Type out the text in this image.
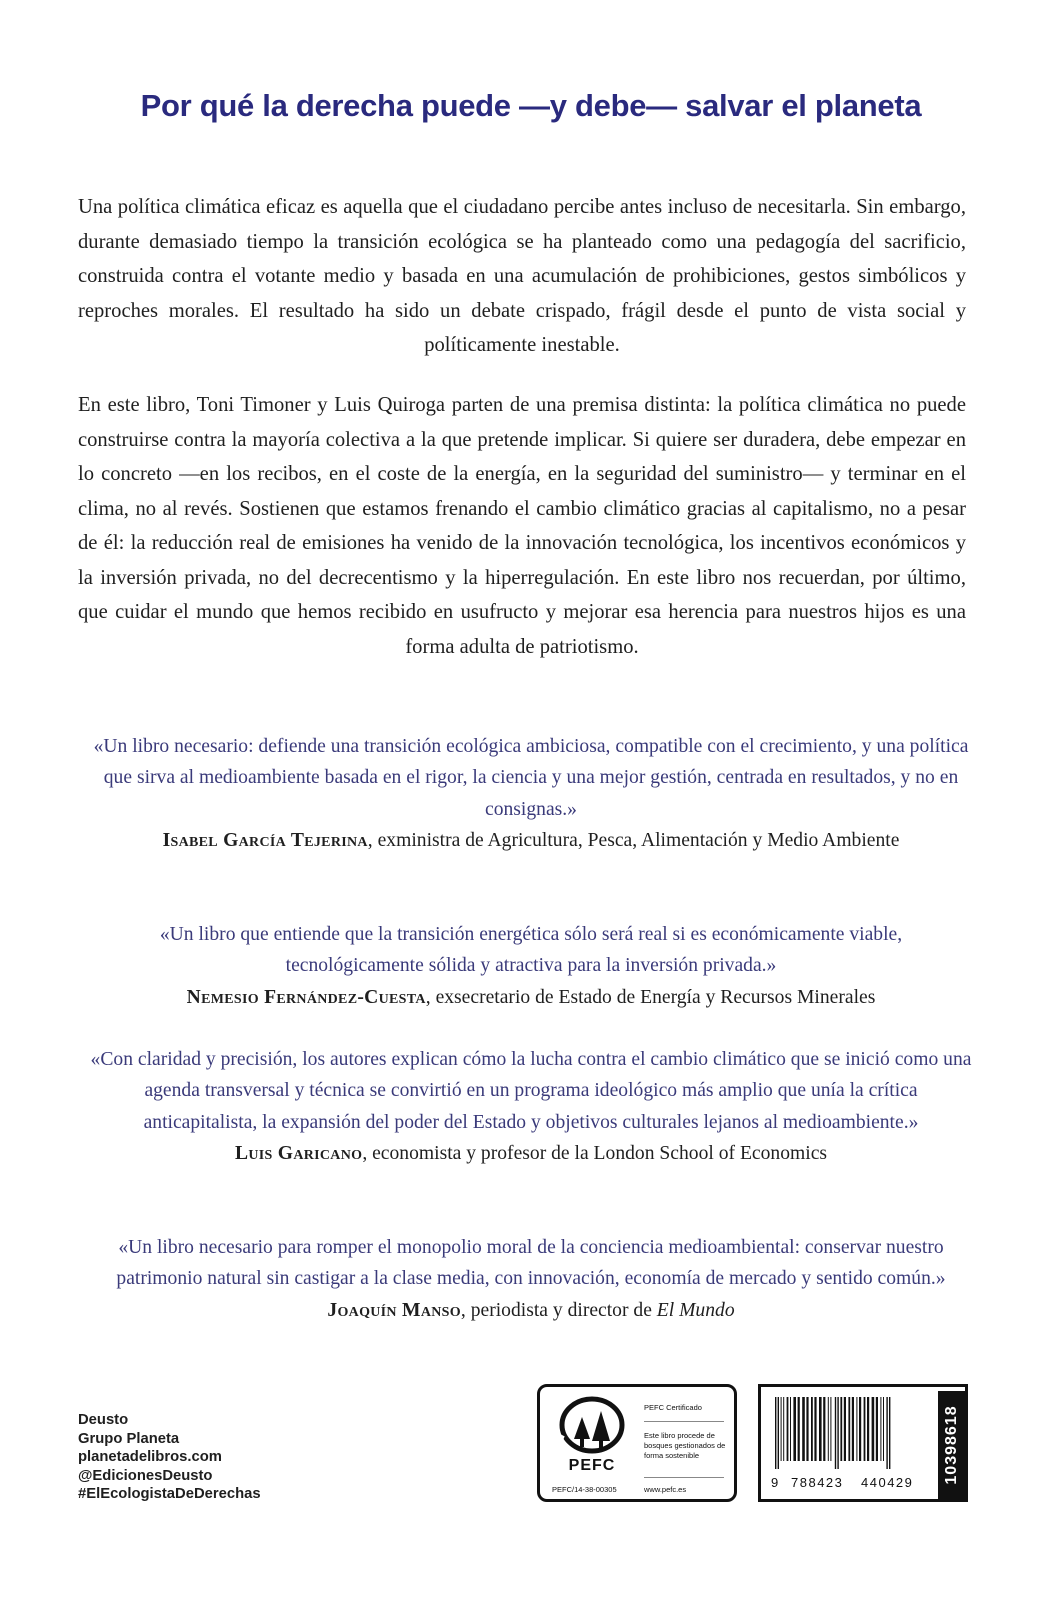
Por qué la derecha puede —y debe— salvar el planeta

Una política climática eficaz es aquella que el ciudadano percibe antes incluso de necesitarla. Sin embargo, durante demasiado tiempo la transición ecológica se ha planteado como una pedagogía del sacrificio, construida contra el votante medio y basada en una acumulación de prohibiciones, gestos simbólicos y reproches morales. El resultado ha sido un debate crispado, frágil desde el punto de vista social y políticamente inestable.

En este libro, Toni Timoner y Luis Quiroga parten de una premisa distinta: la política climática no puede construirse contra la mayoría colectiva a la que pretende implicar. Si quiere ser duradera, debe empezar en lo concreto —en los recibos, en el coste de la energía, en la seguridad del suministro— y terminar en el clima, no al revés. Sostienen que estamos frenando el cambio climático gracias al capitalismo, no a pesar de él: la reducción real de emisiones ha venido de la innovación tecnológica, los incentivos económicos y la inversión privada, no del decrecentismo y la hiperregulación. En este libro nos recuerdan, por último, que cuidar el mundo que hemos recibido en usufructo y mejorar esa herencia para nuestros hijos es una forma adulta de patriotismo.

«Un libro necesario: defiende una transición ecológica ambiciosa, compatible con el crecimiento, y una política que sirva al medioambiente basada en el rigor, la ciencia y una mejor gestión, centrada en resultados, y no en consignas.»
Isabel García Tejerina, exministra de Agricultura, Pesca, Alimentación y Medio Ambiente
«Un libro que entiende que la transición energética sólo será real si es económicamente viable, tecnológicamente sólida y atractiva para la inversión privada.»
Nemesio Fernández-Cuesta, exsecretario de Estado de Energía y Recursos Minerales
«Con claridad y precisión, los autores explican cómo la lucha contra el cambio climático que se inició como una agenda transversal y técnica se convirtió en un programa ideológico más amplio que unía la crítica anticapitalista, la expansión del poder del Estado y objetivos culturales lejanos al medioambiente.»
Luis Garicano, economista y profesor de la London School of Economics
«Un libro necesario para romper el monopolio moral de la conciencia medioambiental: conservar nuestro patrimonio natural sin castigar a la clase media, con innovación, economía de mercado y sentido común.»
Joaquín Manso, periodista y director de El Mundo
Deusto
Grupo Planeta
planetadelibros.com
@EdicionesDeusto
#ElEcologistaDeDerechas
PEFC
PEFC/14-38-00305
PEFC Certificado
Este libro procede de bosques gestionados de forma sostenible
www.pefc.es	9 788423 440429 10398618
